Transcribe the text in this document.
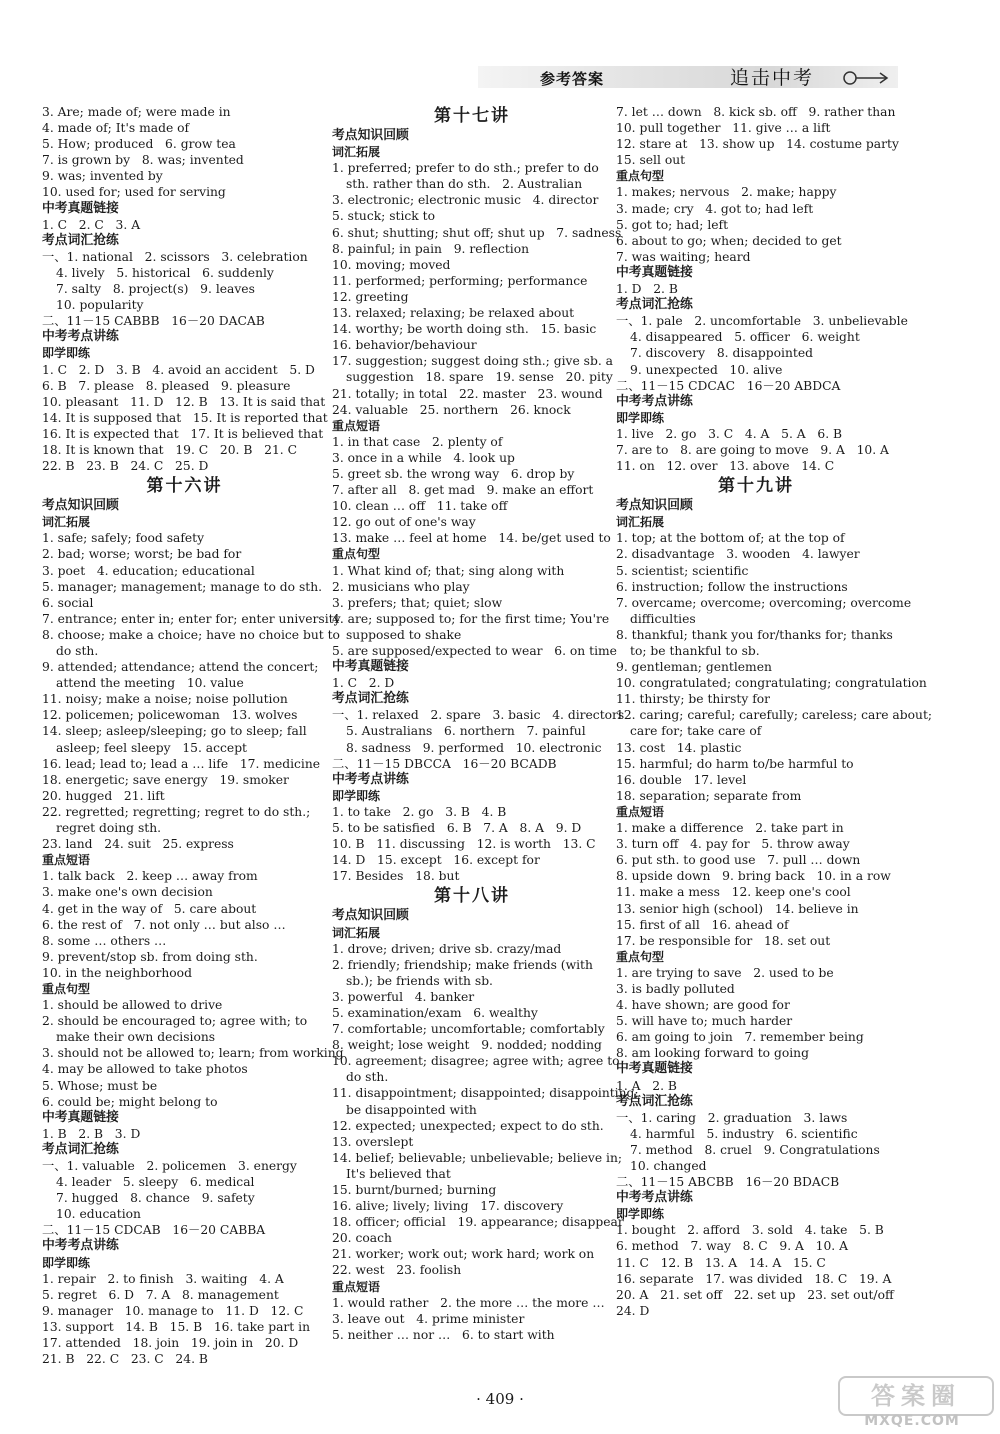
参考答案	追击中考
3. Are; made of; were made in
4. made of; It's made of
5. How; produced   6. grow tea
7. is grown by   8. was; invented
9. was; invented by
10. used for; used for serving
中考真题链接
1. C   2. C   3. A
考点词汇抢练
一、1. national   2. scissors   3. celebration
4. lively   5. historical   6. suddenly
7. salty   8. project(s)   9. leaves
10. popularity
二、11－15 CABBB   16－20 DACAB
中考考点讲练
即学即练
1. C   2. D   3. B   4. avoid an accident   5. D
6. B   7. please   8. pleased   9. pleasure
10. pleasant   11. D   12. B   13. It is said that
14. It is supposed that   15. It is reported that
16. It is expected that   17. It is believed that
18. It is known that   19. C   20. B   21. C
22. B   23. B   24. C   25. D
第十六讲
考点知识回顾
词汇拓展
1. safe; safely; food safety
2. bad; worse; worst; be bad for
3. poet   4. education; educational
5. manager; management; manage to do sth.
6. social
7. entrance; enter in; enter for; enter university
8. choose; make a choice; have no choice but to
do sth.
9. attended; attendance; attend the concert;
attend the meeting   10. value
11. noisy; make a noise; noise pollution
12. policemen; policewoman   13. wolves
14. sleep; asleep/sleeping; go to sleep; fall
asleep; feel sleepy   15. accept
16. lead; lead to; lead a … life   17. medicine
18. energetic; save energy   19. smoker
20. hugged   21. lift
22. regretted; regretting; regret to do sth.;
regret doing sth.
23. land   24. suit   25. express
重点短语
1. talk back   2. keep … away from
3. make one's own decision
4. get in the way of   5. care about
6. the rest of   7. not only … but also …
8. some … others …
9. prevent/stop sb. from doing sth.
10. in the neighborhood
重点句型
1. should be allowed to drive
2. should be encouraged to; agree with; to
make their own decisions
3. should not be allowed to; learn; from working
4. may be allowed to take photos
5. Whose; must be
6. could be; might belong to
中考真题链接
1. B   2. B   3. D
考点词汇抢练
一、1. valuable   2. policemen   3. energy
4. leader   5. sleepy   6. medical
7. hugged   8. chance   9. safety
10. education
二、11－15 CDCAB   16－20 CABBA
中考考点讲练
即学即练
1. repair   2. to finish   3. waiting   4. A
5. regret   6. D   7. A   8. management
9. manager   10. manage to   11. D   12. C
13. support   14. B   15. B   16. take part in
17. attended   18. join   19. join in   20. D
21. B   22. C   23. C   24. B
第十七讲
考点知识回顾
词汇拓展
1. preferred; prefer to do sth.; prefer to do
sth. rather than do sth.   2. Australian
3. electronic; electronic music   4. director
5. stuck; stick to
6. shut; shutting; shut off; shut up   7. sadness
8. painful; in pain   9. reflection
10. moving; moved
11. performed; performing; performance
12. greeting
13. relaxed; relaxing; be relaxed about
14. worthy; be worth doing sth.   15. basic
16. behavior/behaviour
17. suggestion; suggest doing sth.; give sb. a
suggestion   18. spare   19. sense   20. pity
21. totally; in total   22. master   23. wound
24. valuable   25. northern   26. knock
重点短语
1. in that case   2. plenty of
3. once in a while   4. look up
5. greet sb. the wrong way   6. drop by
7. after all   8. get mad   9. make an effort
10. clean … off   11. take off
12. go out of one's way
13. make … feel at home   14. be/get used to
重点句型
1. What kind of; that; sing along with
2. musicians who play
3. prefers; that; quiet; slow
4. are; supposed to; for the first time; You're
supposed to shake
5. are supposed/expected to wear   6. on time
中考真题链接
1. C   2. D
考点词汇抢练
一、1. relaxed   2. spare   3. basic   4. directors
5. Australians   6. northern   7. painful
8. sadness   9. performed   10. electronic
二、11－15 DBCCA   16－20 BCADB
中考考点讲练
即学即练
1. to take   2. go   3. B   4. B
5. to be satisfied   6. B   7. A   8. A   9. D
10. B   11. discussing   12. is worth   13. C
14. D   15. except   16. except for
17. Besides   18. but
第十八讲
考点知识回顾
词汇拓展
1. drove; driven; drive sb. crazy/mad
2. friendly; friendship; make friends (with
sb.); be friends with sb.
3. powerful   4. banker
5. examination/exam   6. wealthy
7. comfortable; uncomfortable; comfortably
8. weight; lose weight   9. nodded; nodding
10. agreement; disagree; agree with; agree to
do sth.
11. disappointment; disappointed; disappointing;
be disappointed with
12. expected; unexpected; expect to do sth.
13. overslept
14. belief; believable; unbelievable; believe in;
It's believed that
15. burnt/burned; burning
16. alive; lively; living   17. discovery
18. officer; official   19. appearance; disappear
20. coach
21. worker; work out; work hard; work on
22. west   23. foolish
重点短语
1. would rather   2. the more … the more …
3. leave out   4. prime minister
5. neither … nor …   6. to start with
7. let … down   8. kick sb. off   9. rather than
10. pull together   11. give … a lift
12. stare at   13. show up   14. costume party
15. sell out
重点句型
1. makes; nervous   2. make; happy
3. made; cry   4. got to; had left
5. got to; had; left
6. about to go; when; decided to get
7. was waiting; heard
中考真题链接
1. D   2. B
考点词汇抢练
一、1. pale   2. uncomfortable   3. unbelievable
4. disappeared   5. officer   6. weight
7. discovery   8. disappointed
9. unexpected   10. alive
二、11－15 CDCAC   16－20 ABDCA
中考考点讲练
即学即练
1. live   2. go   3. C   4. A   5. A   6. B
7. are to   8. are going to move   9. A   10. A
11. on   12. over   13. above   14. C
第十九讲
考点知识回顾
词汇拓展
1. top; at the bottom of; at the top of
2. disadvantage   3. wooden   4. lawyer
5. scientist; scientific
6. instruction; follow the instructions
7. overcame; overcome; overcoming; overcome
difficulties
8. thankful; thank you for/thanks for; thanks
to; be thankful to sb.
9. gentleman; gentlemen
10. congratulated; congratulating; congratulation
11. thirsty; be thirsty for
12. caring; careful; carefully; careless; care about;
care for; take care of
13. cost   14. plastic
15. harmful; do harm to/be harmful to
16. double   17. level
18. separation; separate from
重点短语
1. make a difference   2. take part in
3. turn off   4. pay for   5. throw away
6. put sth. to good use   7. pull … down
8. upside down   9. bring back   10. in a row
11. make a mess   12. keep one's cool
13. senior high (school)   14. believe in
15. first of all   16. ahead of
17. be responsible for   18. set out
重点句型
1. are trying to save   2. used to be
3. is badly polluted
4. have shown; are good for
5. will have to; much harder
6. am going to join   7. remember being
8. am looking forward to going
中考真题链接
1. A   2. B
考点词汇抢练
一、1. caring   2. graduation   3. laws
4. harmful   5. industry   6. scientific
7. method   8. cruel   9. Congratulations
10. changed
二、11－15 ABCBB   16－20 BDACB
中考考点讲练
即学即练
1. bought   2. afford   3. sold   4. take   5. B
6. method   7. way   8. C   9. A   10. A
11. C   12. B   13. A   14. A   15. C
16. separate   17. was divided   18. C   19. A
20. A   21. set off   22. set up   23. set out/off
24. D
· 409 ·	答案圈
MXQE.COM
